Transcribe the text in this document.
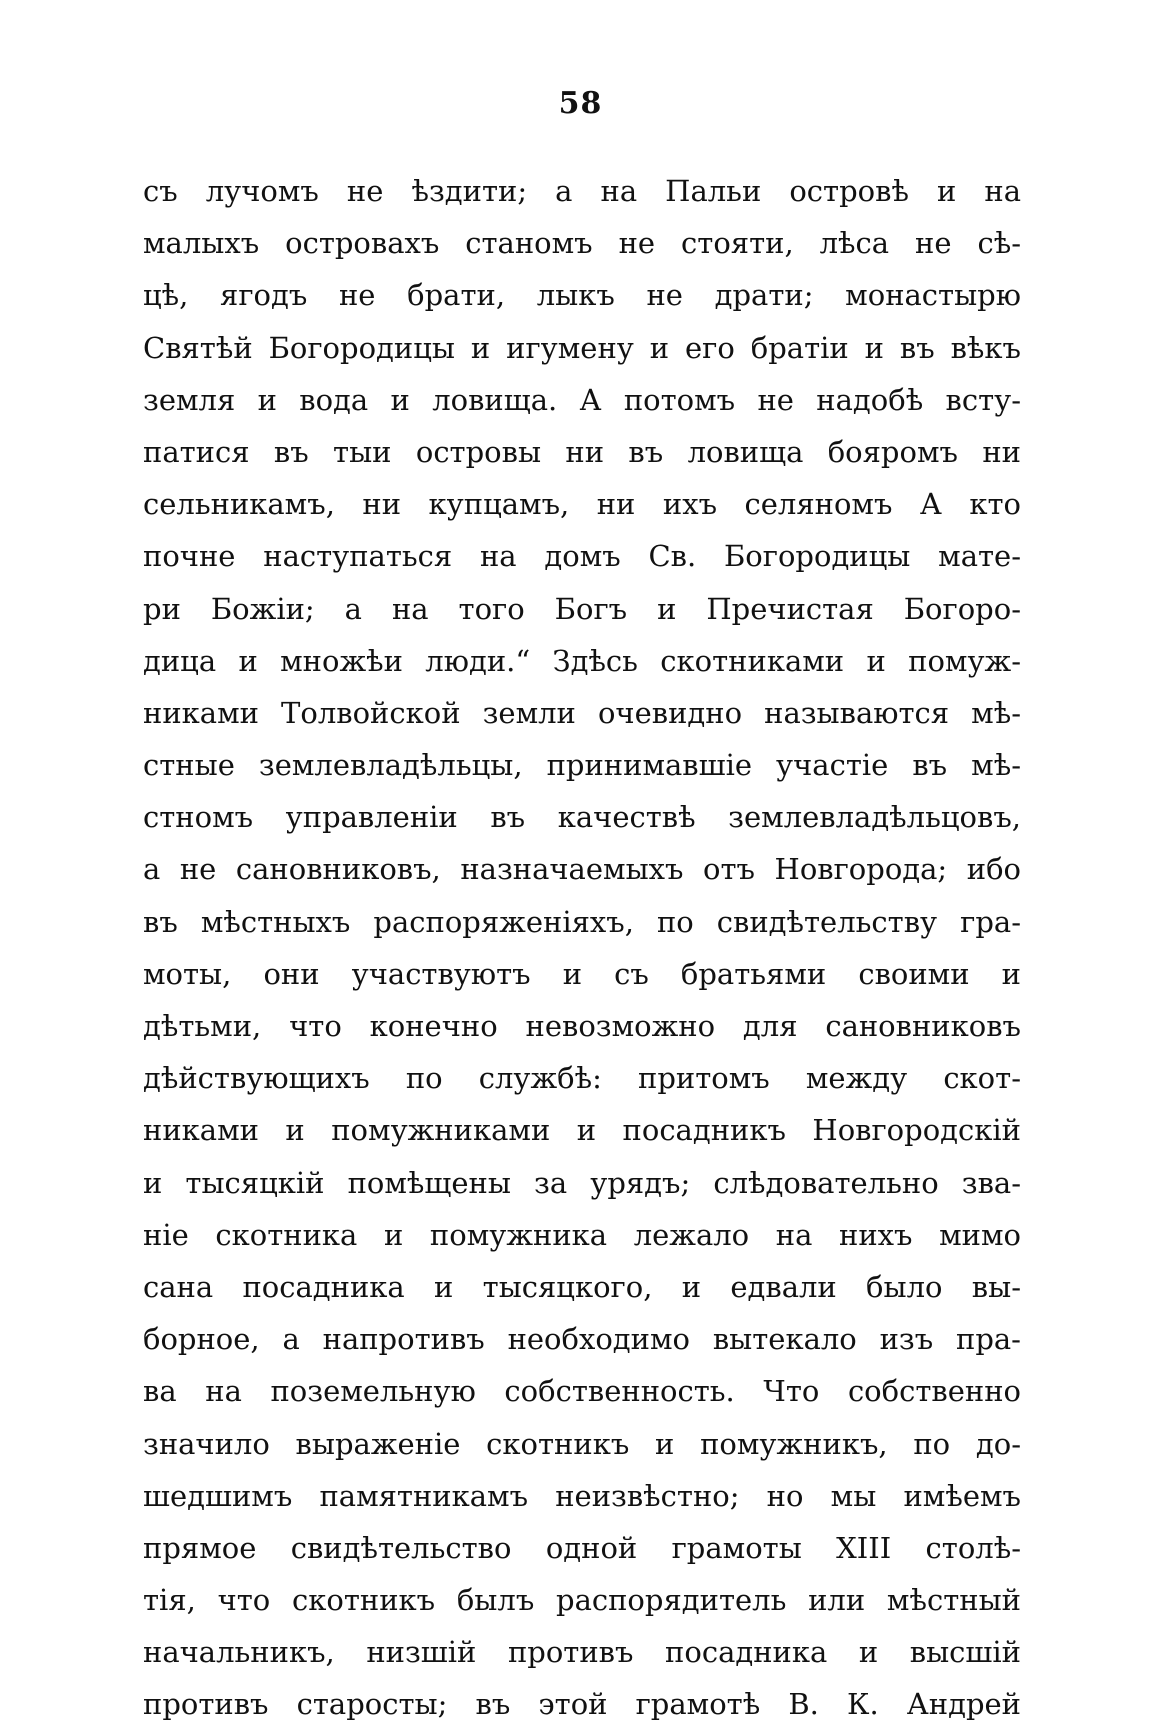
58
съ лучомъ не ѣздити; а на Пальи островѣ и на
малыхъ островахъ станомъ не стояти, лѣса не сѣ-
цѣ, ягодъ не брати, лыкъ не драти; монастырю
Святѣй Богородицы и игумену и его братіи и въ вѣкъ
земля и вода и ловища. А потомъ не надобѣ всту-
патися въ тыи островы ни въ ловища бояромъ ни
сельникамъ, ни купцамъ, ни ихъ селяномъ А кто
почне наступаться на домъ Св. Богородицы мате-
ри Божіи; а на того Богъ и Пречистая Богоро-
дица и множѣи люди.“ Здѣсь скотниками и помуж-
никами Толвойской земли очевидно называются мѣ-
стные землевладѣльцы, принимавшіе участіе въ мѣ-
стномъ управленіи въ качествѣ землевладѣльцовъ,
а не сановниковъ, назначаемыхъ отъ Новгорода; ибо
въ мѣстныхъ распоряженіяхъ, по свидѣтельству гра-
моты, они участвуютъ и съ братьями своими и
дѣтьми, что конечно невозможно для сановниковъ
дѣйствующихъ по службѣ: притомъ между скот-
никами и помужниками и посадникъ Новгородскій
и тысяцкій помѣщены за урядъ; слѣдовательно зва-
ніе скотника и помужника лежало на нихъ мимо
сана посадника и тысяцкого, и едвали было вы-
борное, а напротивъ необходимо вытекало изъ пра-
ва на поземельную собственность. Что собственно
значило выраженіе скотникъ и помужникъ, по до-
шедшимъ памятникамъ неизвѣстно; но мы имѣемъ
прямое свидѣтельство одной грамоты XIII столѣ-
тія, что скотникъ былъ распорядитель или мѣстный
начальникъ, низшій противъ посадника и высшій
противъ старосты; въ этой грамотѣ В. К. Андрей
